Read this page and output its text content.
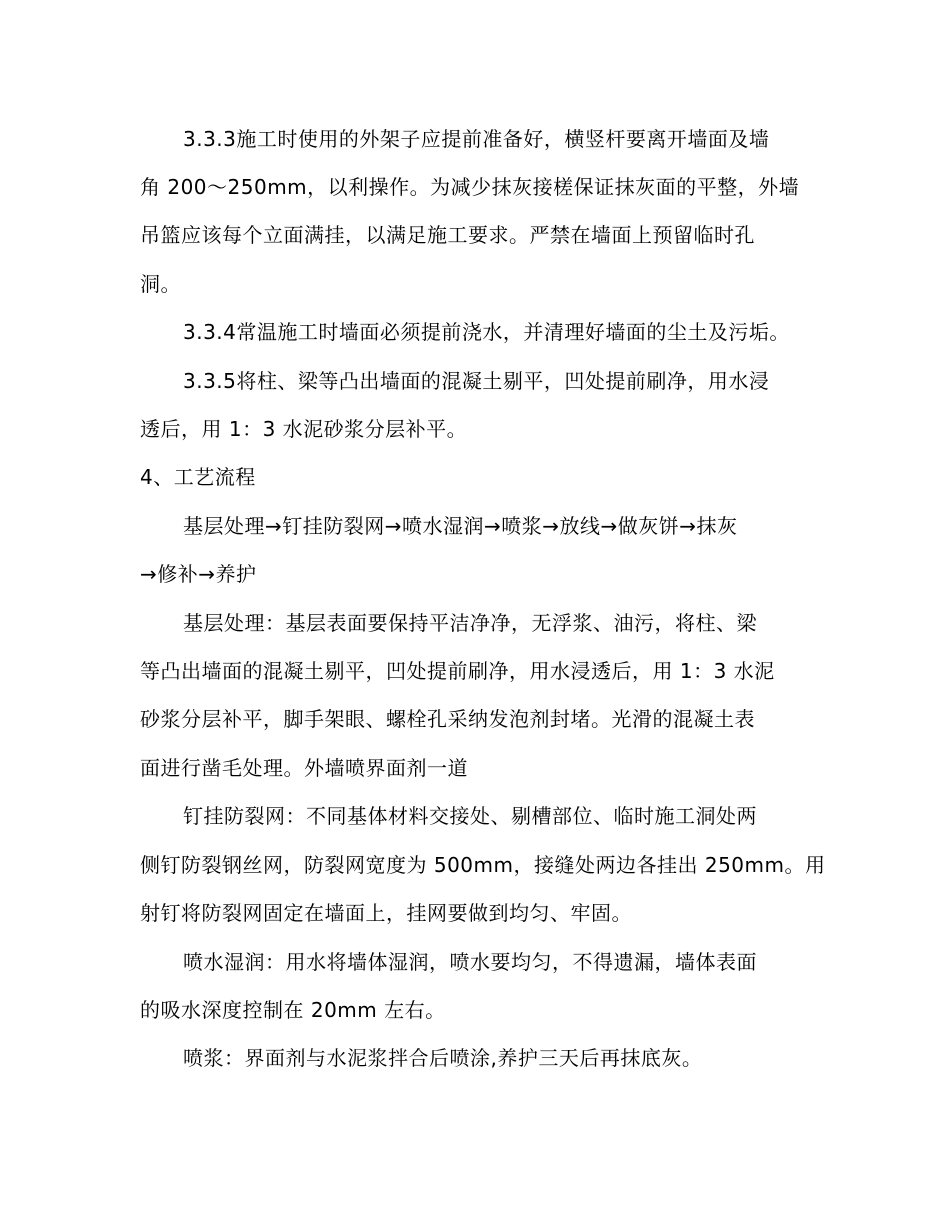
3.3.3施工时使用的外架子应提前准备好，横竖杆要离开墙面及墙
角 200～250mm，以利操作。为减少抹灰接槎保证抹灰面的平整，外墙
吊篮应该每个立面满挂，以满足施工要求。严禁在墙面上预留临时孔
洞。
3.3.4常温施工时墙面必须提前浇水，并清理好墙面的尘土及污垢。
3.3.5将柱、梁等凸出墙面的混凝土剔平，凹处提前刷净，用水浸
透后，用 1：3 水泥砂浆分层补平。
4、工艺流程
基层处理→钉挂防裂网→喷水湿润→喷浆→放线→做灰饼→抹灰
→修补→养护
基层处理：基层表面要保持平洁净净，无浮浆、油污，将柱、梁
等凸出墙面的混凝土剔平，凹处提前刷净，用水浸透后，用 1：3 水泥
砂浆分层补平，脚手架眼、螺栓孔采纳发泡剂封堵。光滑的混凝土表
面进行凿毛处理。外墙喷界面剂一道
钉挂防裂网：不同基体材料交接处、剔槽部位、临时施工洞处两
侧钉防裂钢丝网，防裂网宽度为 500mm，接缝处两边各挂出 250mm。用
射钉将防裂网固定在墙面上，挂网要做到均匀、牢固。
喷水湿润：用水将墙体湿润，喷水要均匀，不得遗漏，墙体表面
的吸水深度控制在 20mm 左右。
喷浆：界面剂与水泥浆拌合后喷涂,养护三天后再抹底灰。
